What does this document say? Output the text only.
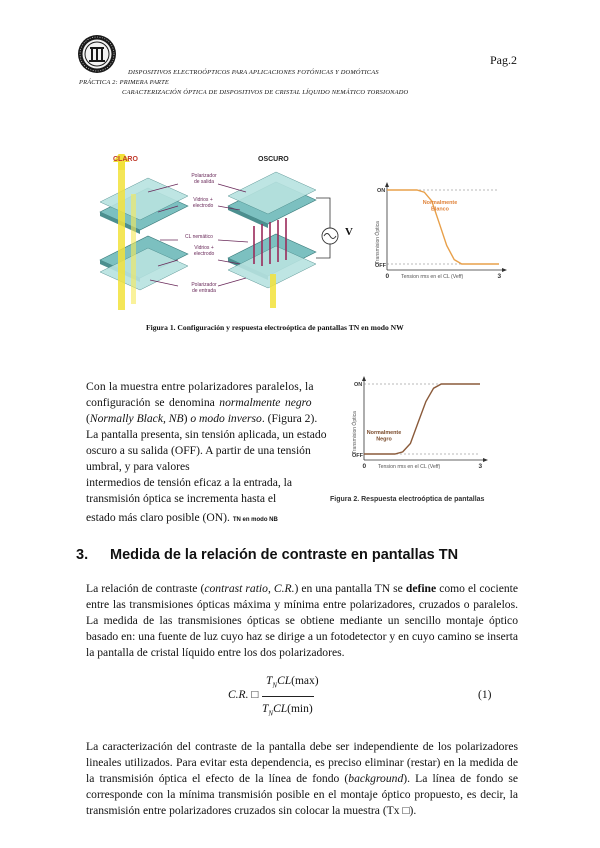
DISPOSITIVOS ELECTROÓPTICOS PARA APLICACIONES FOTÓNICAS Y DOMÓTICAS
PRÁCTICA 2: PRIMERA PARTE
CARACTERIZACIÓN ÓPTICA DE DISPOSITIVOS DE CRISTAL LÍQUIDO NEMÁTICO TORSIONADO
Pag.2
CLARO	OSCURO
V
Polarizador
de salida
Vidrios +
electrodo
CL nemático
Vidrios +
electrodo
Polarizador
de entrada
ON
OFF
0	3
Tension rms en el CL (Veff)
Transmision Óptica
Normalmente
Blanco
Figura 1. Configuración y respuesta electroóptica de pantallas TN en modo NW
Con la muestra entre polarizadores paralelos, la
configuración se denomina normalmente negro
(Normally Black, NB) o modo inverso. (Figura 2).
La pantalla presenta, sin tensión aplicada, un estado
oscuro a su salida (OFF). A partir de una tensión
umbral, y para valores
intermedios de tensión eficaz a la entrada, la
transmisión óptica se incrementa hasta el
estado más claro posible (ON). TN en modo NB
ON
OFF
0	3
Tension rms en el CL (Veff)
Transmision Óptica Normalmente
Negro
Figura 2. Respuesta electroóptica de pantallas
3. Medida de la relación de contraste en pantallas TN
La relación de contraste (contrast ratio, C.R.) en una pantalla TN se define como el cociente entre las transmisiones ópticas máxima y mínima entre polarizadores, cruzados o paralelos. La medida de las transmisiones ópticas se obtiene mediante un sencillo montaje óptico basado en: una fuente de luz cuyo haz se dirige a un fotodetector y en cuyo camino se inserta la pantalla de cristal líquido entre los dos polarizadores.
C.R. □
$T_NCL(\max)$
$T_NCL(\min)$
(1)
La caracterización del contraste de la pantalla debe ser independiente de los polarizadores lineales utilizados. Para evitar esta dependencia, es preciso eliminar (restar) en la medida de la transmisión óptica el efecto de la línea de fondo (background). La línea de fondo se corresponde con la mínima transmisión posible en el montaje óptico propuesto, es decir, la transmisión entre polarizadores cruzados sin colocar la muestra (Tx □).
